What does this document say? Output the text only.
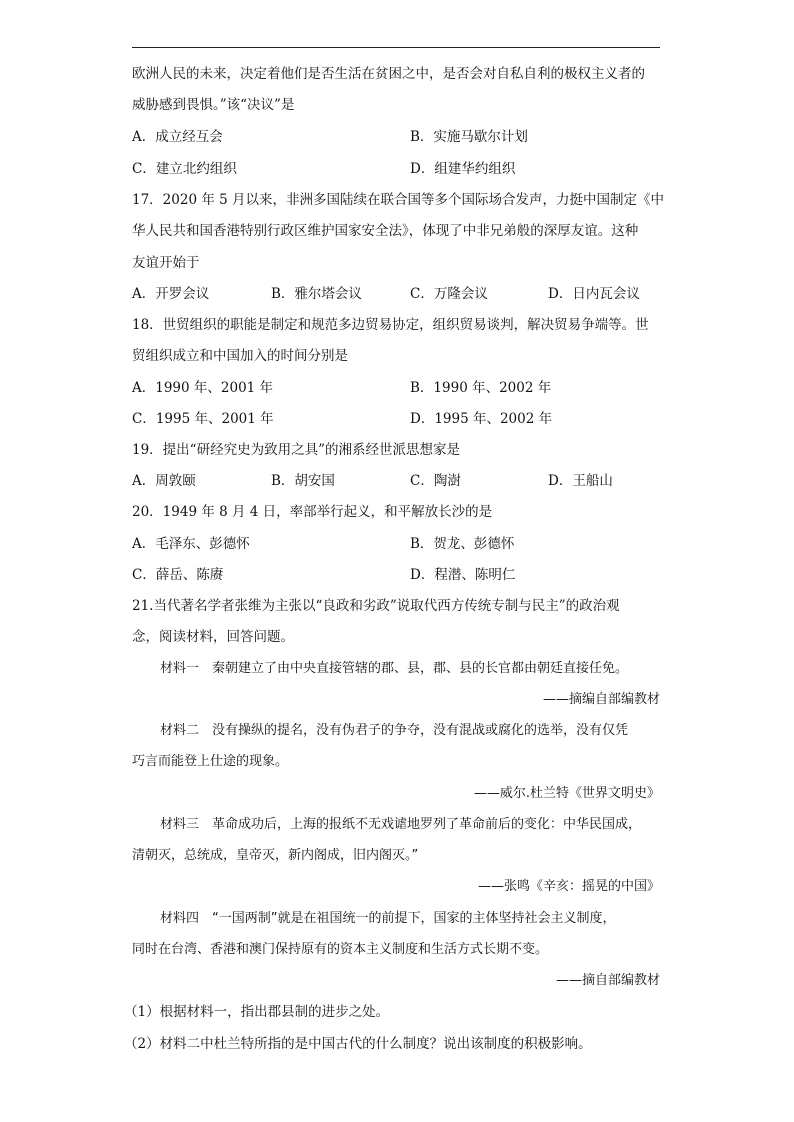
欧洲人民的未来，决定着他们是否生活在贫困之中，是否会对自私自利的极权主义者的
威胁感到畏惧。”该“决议”是
A．成立经互会	B．实施马歇尔计划
C．建立北约组织	D．组建华约组织
17．2020 年 5 月以来，非洲多国陆续在联合国等多个国际场合发声，力挺中国制定《中
华人民共和国香港特别行政区维护国家安全法》，体现了中非兄弟般的深厚友谊。这种
友谊开始于
A．开罗会议	B．雅尔塔会议	C．万隆会议	D．日内瓦会议
18．世贸组织的职能是制定和规范多边贸易协定，组织贸易谈判，解决贸易争端等。世
贸组织成立和中国加入的时间分别是
A．1990 年、2001 年	B．1990 年、2002 年
C．1995 年、2001 年	D．1995 年、2002 年
19．提出“研经究史为致用之具”的湘系经世派思想家是
A．周敦颐	B．胡安国	C．陶澍	D．王船山
20．1949 年 8 月 4 日，率部举行起义，和平解放长沙的是
A．毛泽东、彭德怀	B．贺龙、彭德怀
C．薛岳、陈赓	D．程潜、陈明仁
21.当代著名学者张维为主张以“良政和劣政”说取代西方传统专制与民主”的政治观
念，阅读材料，回答问题。
材料一　秦朝建立了由中央直接管辖的郡、县，郡、县的长官都由朝廷直接任免。
——摘编自部编教材
材料二　没有操纵的提名，没有伪君子的争夺，没有混战或腐化的选举，没有仅凭
巧言而能登上仕途的现象。
——威尔.杜兰特《世界文明史》
材料三　革命成功后，上海的报纸不无戏谑地罗列了革命前后的变化：中华民国成，
清朝灭，总统成，皇帝灭，新内阁成，旧内阁灭。”
——张鸣《辛亥：摇晃的中国》
材料四　“一国两制”就是在祖国统一的前提下，国家的主体坚持社会主义制度，
同时在台湾、香港和澳门保持原有的资本主义制度和生活方式长期不变。
——摘自部编教材
（1）根据材料一，指出郡县制的进步之处。
（2）材料二中杜兰特所指的是中国古代的什么制度？说出该制度的积极影响。
